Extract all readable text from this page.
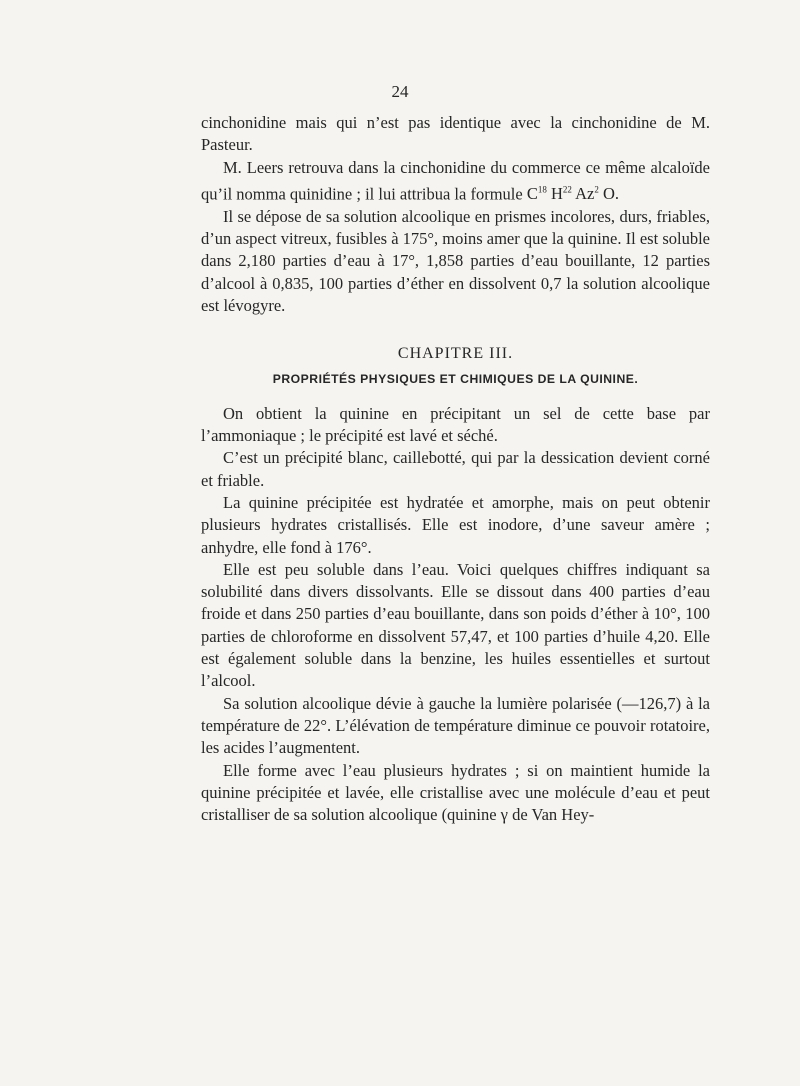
24

cinchonidine mais qui n’est pas identique avec la cinchonidine de M. Pasteur.

M. Leers retrouva dans la cinchonidine du commerce ce même alcaloïde qu’il nomma quinidine ; il lui attribua la formule $C^{18}$ $H^{22}$ Az$^2$ O.

Il se dépose de sa solution alcoolique en prismes incolores, durs, friables, d’un aspect vitreux, fusibles à 175°, moins amer que la quinine. Il est soluble dans 2,180 parties d’eau à 17°, 1,858 parties d’eau bouillante, 12 parties d’alcool à 0,835, 100 parties d’éther en dissolvent 0,7 la solution alcoolique est lévogyre.

CHAPITRE III.
PROPRIÉTÉS PHYSIQUES ET CHIMIQUES DE LA QUININE.

On obtient la quinine en précipitant un sel de cette base par l’ammoniaque ; le précipité est lavé et séché.

C’est un précipité blanc, caillebotté, qui par la dessication devient corné et friable.

La quinine précipitée est hydratée et amorphe, mais on peut obtenir plusieurs hydrates cristallisés. Elle est inodore, d’une saveur amère ; anhydre, elle fond à 176°.

Elle est peu soluble dans l’eau. Voici quelques chiffres indiquant sa solubilité dans divers dissolvants. Elle se dissout dans 400 parties d’eau froide et dans 250 parties d’eau bouillante, dans son poids d’éther à 10°, 100 parties de chloroforme en dissolvent 57,47, et 100 parties d’huile 4,20. Elle est également soluble dans la benzine, les huiles essentielles et surtout l’alcool.

Sa solution alcoolique dévie à gauche la lumière polarisée (—126,7) à la température de 22°. L’élévation de température diminue ce pouvoir rotatoire, les acides l’augmentent.

Elle forme avec l’eau plusieurs hydrates ; si on maintient humide la quinine précipitée et lavée, elle cristallise avec une molécule d’eau et peut cristalliser de sa solution alcoolique (quinine γ de Van Hey-
